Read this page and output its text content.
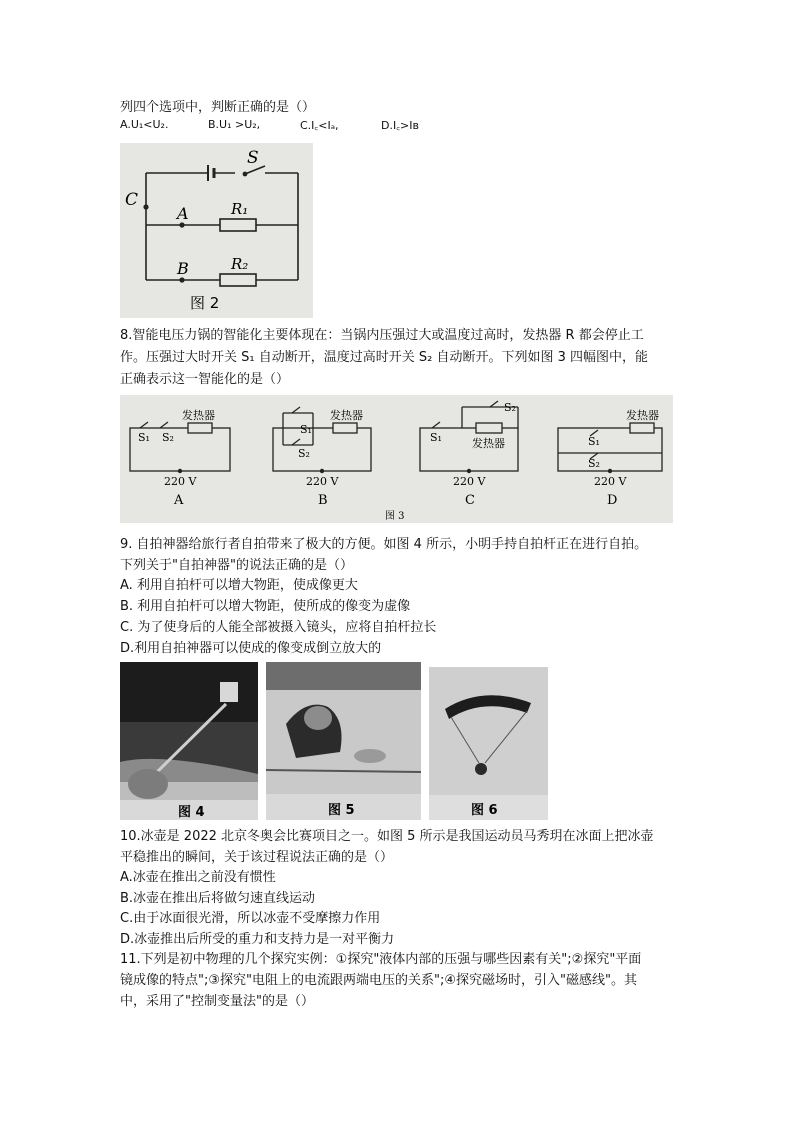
列四个选项中，判断正确的是（）
A.U₁<U₂.	B.U₁ >U₂,	C.I꜀<Iₐ,	D.I꜀>Iʙ
S
C
A
B
R₁
R₂
图 2
8.智能电压力锅的智能化主要体现在：当锅内压强过大或温度过高时，发热器 R 都会停止工
作。压强过大时开关 S₁ 自动断开，温度过高时开关 S₂ 自动断开。下列如图 3 四幅图中，能
正确表示这一智能化的是（）
发热器
S₁ S₂
220 V
发热器
S₁
S₂
220 V
S₂
S₁	发热器
220 V
发热器
S₁
S₂
220 V
A	B	C	D
图 3
9. 自拍神器给旅行者自拍带来了极大的方便。如图 4 所示，小明手持自拍杆正在进行自拍。
下列关于"自拍神器"的说法正确的是（）
A. 利用自拍杆可以增大物距，使成像更大
B. 利用自拍杆可以增大物距，使所成的像变为虚像
C. 为了使身后的人能全部被摄入镜头，应将自拍杆拉长
D.利用自拍神器可以使成的像变成倒立放大的
图 4	图 5	图 6
10.冰壶是 2022 北京冬奥会比赛项目之一。如图 5 所示是我国运动员马秀玥在冰面上把冰壶
平稳推出的瞬间，关于该过程说法正确的是（）
A.冰壶在推出之前没有惯性
B.冰壶在推出后将做匀速直线运动
C.由于冰面很光滑，所以冰壶不受摩擦力作用
D.冰壶推出后所受的重力和支持力是一对平衡力
11.下列是初中物理的几个探究实例：①探究"液体内部的压强与哪些因素有关";②探究"平面
镜成像的特点";③探究"电阻上的电流跟两端电压的关系";④探究磁场时，引入"磁感线"。其
中，采用了"控制变量法"的是（）
